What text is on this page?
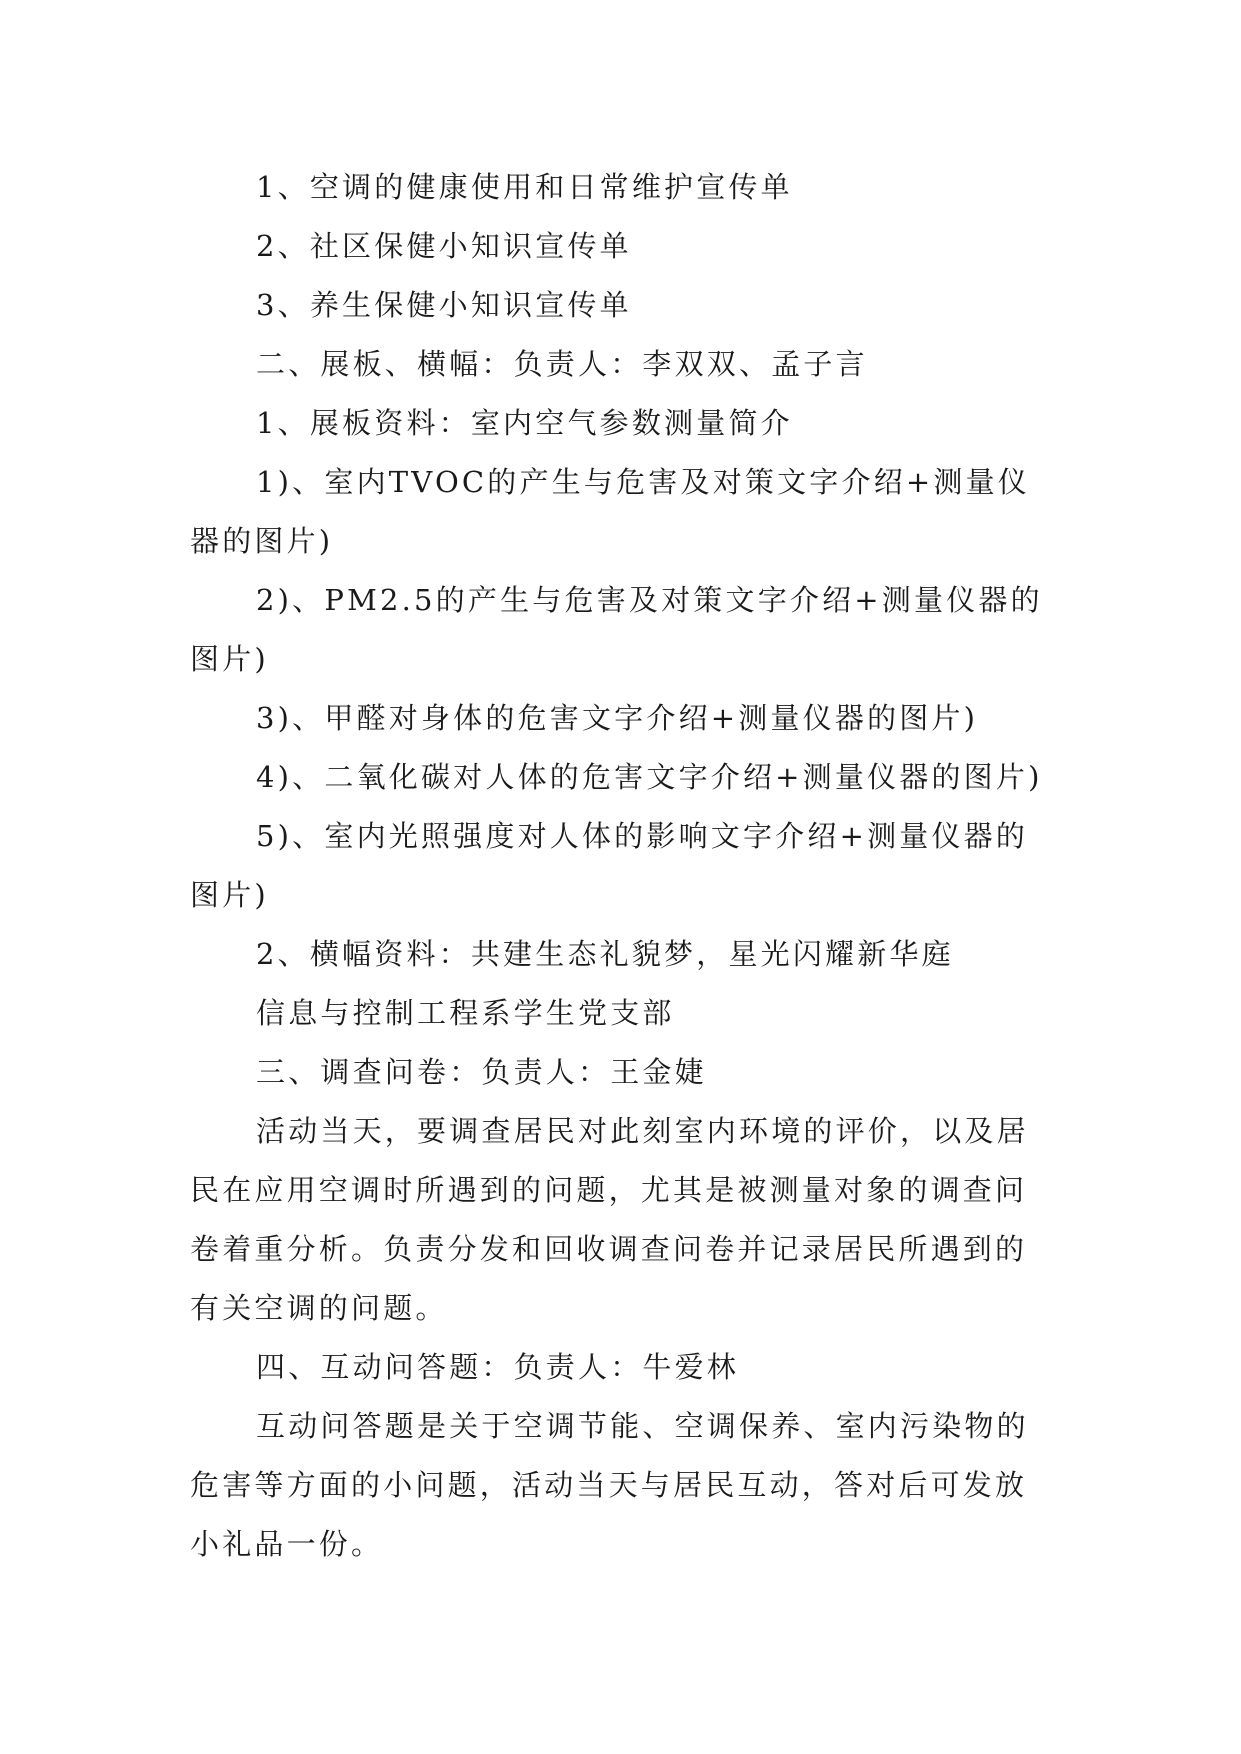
1、空调的健康使用和日常维护宣传单

2、社区保健小知识宣传单

3、养生保健小知识宣传单

二、展板、横幅：负责人：李双双、孟子言

1、展板资料：室内空气参数测量简介

1)、室内TVOC的产生与危害及对策文字介绍+测量仪器的图片)

2)、PM2.5的产生与危害及对策文字介绍+测量仪器的图片)

3)、甲醛对身体的危害文字介绍+测量仪器的图片)

4)、二氧化碳对人体的危害文字介绍+测量仪器的图片)

5)、室内光照强度对人体的影响文字介绍+测量仪器的图片)

2、横幅资料：共建生态礼貌梦，星光闪耀新华庭

信息与控制工程系学生党支部

三、调查问卷：负责人：王金婕

活动当天，要调查居民对此刻室内环境的评价，以及居民在应用空调时所遇到的问题，尤其是被测量对象的调查问卷着重分析。负责分发和回收调查问卷并记录居民所遇到的有关空调的问题。

四、互动问答题：负责人：牛爱林

互动问答题是关于空调节能、空调保养、室内污染物的危害等方面的小问题，活动当天与居民互动，答对后可发放小礼品一份。
